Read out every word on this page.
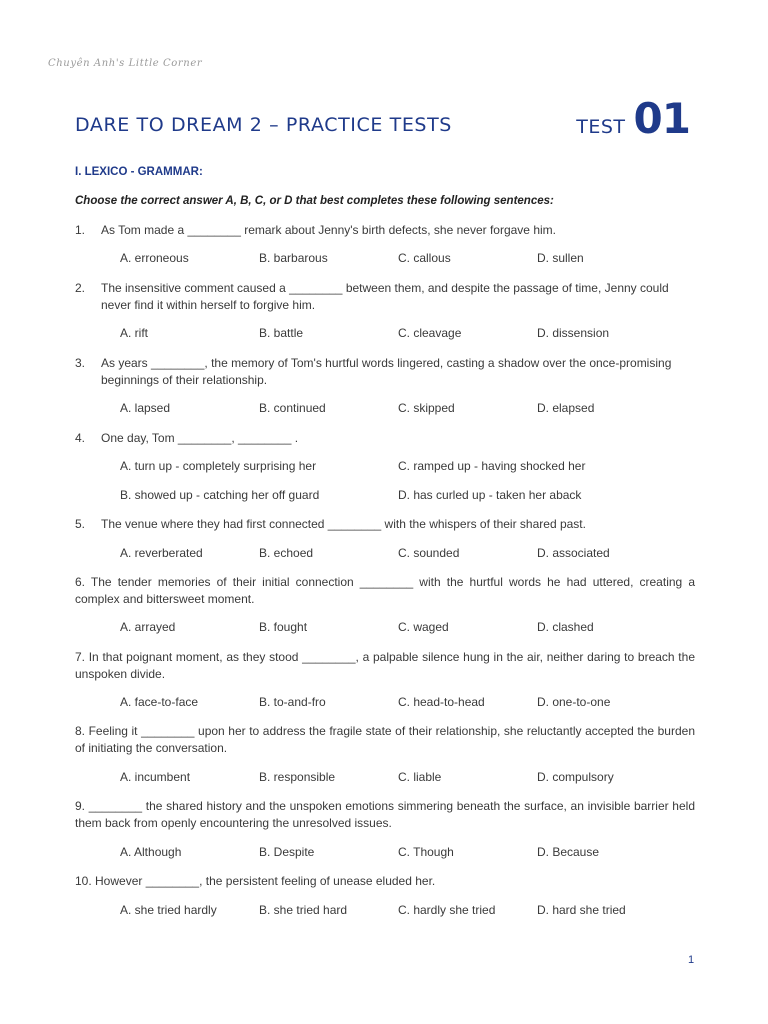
Chuyên Anh's Little Corner
DARE TO DREAM 2 – PRACTICE TESTS	TEST 01
I. LEXICO - GRAMMAR:
Choose the correct answer A, B, C, or D that best completes these following sentences:
1.	As Tom made a ________ remark about Jenny's birth defects, she never forgave him.
A. erroneous	B. barbarous	C. callous	D. sullen
2.	The insensitive comment caused a ________ between them, and despite the passage of time, Jenny could never find it within herself to forgive him.
A. rift	B. battle	C. cleavage	D. dissension
3.	As years ________, the memory of Tom's hurtful words lingered, casting a shadow over the once-promising beginnings of their relationship.
A. lapsed	B. continued	C. skipped	D. elapsed
4.	One day, Tom ________, ________ .
A. turn up - completely surprising her	C. ramped up - having shocked her
B. showed up - catching her off guard	D. has curled up - taken her aback
5.	The venue where they had first connected ________ with the whispers of their shared past.
A. reverberated	B. echoed	C. sounded	D. associated
6. The tender memories of their initial connection ________ with the hurtful words he had uttered, creating a complex and bittersweet moment.
A. arrayed	B. fought	C. waged	D. clashed
7. In that poignant moment, as they stood ________, a palpable silence hung in the air, neither daring to breach the unspoken divide.
A. face-to-face	B. to-and-fro	C. head-to-head	D. one-to-one
8. Feeling it ________ upon her to address the fragile state of their relationship, she reluctantly accepted the burden of initiating the conversation.
A. incumbent	B. responsible	C. liable	D. compulsory
9. ________ the shared history and the unspoken emotions simmering beneath the surface, an invisible barrier held them back from openly encountering the unresolved issues.
A. Although	B. Despite	C. Though	D. Because
10. However ________, the persistent feeling of unease eluded her.
A. she tried hardly	B. she tried hard	C. hardly she tried	D. hard she tried
1
